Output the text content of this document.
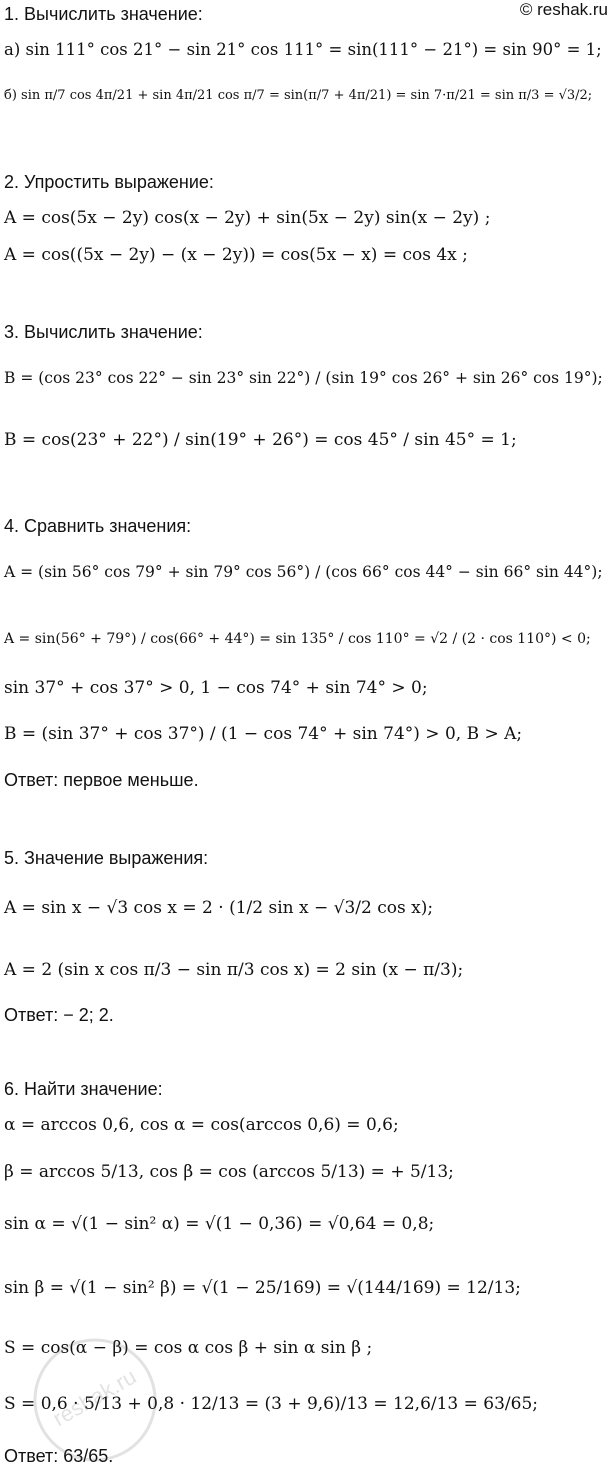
© reshak.ru
1. Вычислить значение:
а) sin 111° cos 21° − sin 21° cos 111° = sin(111° − 21°) = sin 90° = 1;
б) sin π/7 cos 4π/21 + sin 4π/21 cos π/7 = sin(π/7 + 4π/21) = sin 7·π/21 = sin π/3 = √3/2;
2. Упростить выражение:
A = cos(5x − 2y) cos(x − 2y) + sin(5x − 2y) sin(x − 2y) ;
A = cos((5x − 2y) − (x − 2y)) = cos(5x − x) = cos 4x ;
3. Вычислить значение:
B = (cos 23° cos 22° − sin 23° sin 22°) / (sin 19° cos 26° + sin 26° cos 19°);
B = cos(23° + 22°) / sin(19° + 26°) = cos 45° / sin 45° = 1;
4. Сравнить значения:
A = (sin 56° cos 79° + sin 79° cos 56°) / (cos 66° cos 44° − sin 66° sin 44°);
A = sin(56° + 79°) / cos(66° + 44°) = sin 135° / cos 110° = √2 / (2 · cos 110°) < 0;
sin 37° + cos 37° > 0, 1 − cos 74° + sin 74° > 0;
B = (sin 37° + cos 37°) / (1 − cos 74° + sin 74°) > 0, B > A;
Ответ: первое меньше.
5. Значение выражения:
A = sin x − √3 cos x = 2 · (1/2 sin x − √3/2 cos x);
A = 2 (sin x cos π/3 − sin π/3 cos x) = 2 sin (x − π/3);
Ответ: − 2; 2.
6. Найти значение:
α = arccos 0,6, cos α = cos(arccos 0,6) = 0,6;
β = arccos 5/13, cos β = cos (arccos 5/13) = + 5/13;
sin α = √(1 − sin² α) = √(1 − 0,36) = √0,64 = 0,8;
sin β = √(1 − sin² β) = √(1 − 25/169) = √(144/169) = 12/13;
S = cos(α − β) = cos α cos β + sin α sin β ;
S = 0,6 · 5/13 + 0,8 · 12/13 = (3 + 9,6)/13 = 12,6/13 = 63/65;
Ответ: 63/65.
reshak.ru
